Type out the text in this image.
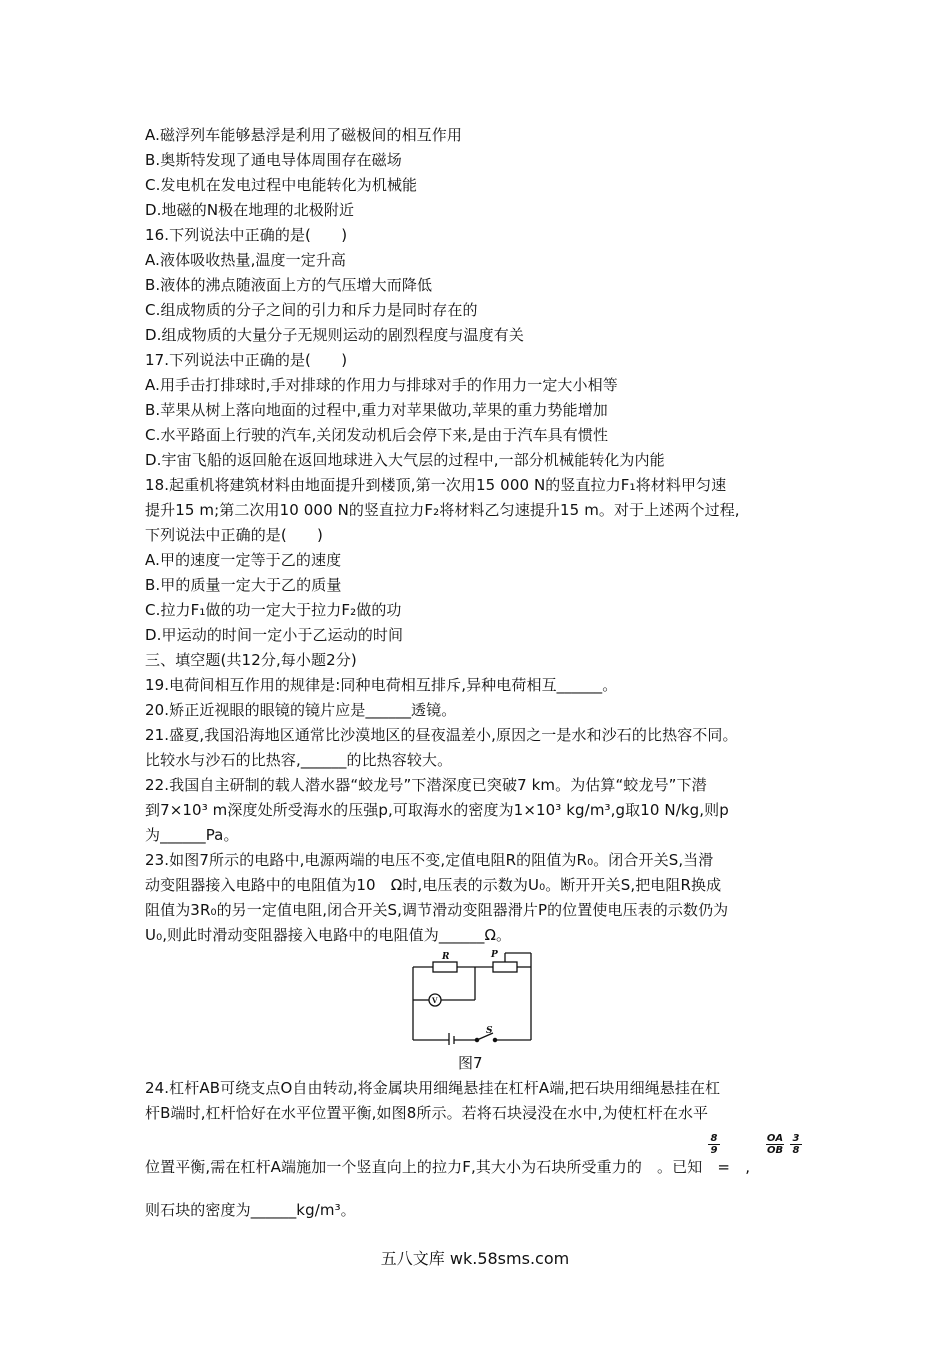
A.磁浮列车能够悬浮是利用了磁极间的相互作用
B.奥斯特发现了通电导体周围存在磁场
C.发电机在发电过程中电能转化为机械能
D.地磁的N极在地理的北极附近
16.下列说法中正确的是(　　)
A.液体吸收热量,温度一定升高
B.液体的沸点随液面上方的气压增大而降低
C.组成物质的分子之间的引力和斥力是同时存在的
D.组成物质的大量分子无规则运动的剧烈程度与温度有关
17.下列说法中正确的是(　　)
A.用手击打排球时,手对排球的作用力与排球对手的作用力一定大小相等
B.苹果从树上落向地面的过程中,重力对苹果做功,苹果的重力势能增加
C.水平路面上行驶的汽车,关闭发动机后会停下来,是由于汽车具有惯性
D.宇宙飞船的返回舱在返回地球进入大气层的过程中,一部分机械能转化为内能
18.起重机将建筑材料由地面提升到楼顶,第一次用15 000 N的竖直拉力F₁将材料甲匀速
提升15 m;第二次用10 000 N的竖直拉力F₂将材料乙匀速提升15 m。对于上述两个过程,
下列说法中正确的是(　　)
A.甲的速度一定等于乙的速度
B.甲的质量一定大于乙的质量
C.拉力F₁做的功一定大于拉力F₂做的功
D.甲运动的时间一定小于乙运动的时间
三、填空题(共12分,每小题2分)
19.电荷间相互作用的规律是:同种电荷相互排斥,异种电荷相互______。
20.矫正近视眼的眼镜的镜片应是______透镜。
21.盛夏,我国沿海地区通常比沙漠地区的昼夜温差小,原因之一是水和沙石的比热容不同。
比较水与沙石的比热容,______的比热容较大。
22.我国自主研制的载人潜水器“蛟龙号”下潜深度已突破7 km。为估算“蛟龙号”下潜
到7×10³ m深度处所受海水的压强p,可取海水的密度为1×10³ kg/m³,g取10 N/kg,则p
为______Pa。
23.如图7所示的电路中,电源两端的电压不变,定值电阻R的阻值为R₀。闭合开关S,当滑
动变阻器接入电路中的电阻值为10　Ω时,电压表的示数为U₀。断开开关S,把电阻R换成
阻值为3R₀的另一定值电阻,闭合开关S,调节滑动变阻器滑片P的位置使电压表的示数仍为
U₀,则此时滑动变阻器接入电路中的电阻值为______Ω。
R	P
V
S
图7
24.杠杆AB可绕支点O自由转动,将金属块用细绳悬挂在杠杆A端,把石块用细绳悬挂在杠
杆B端时,杠杆恰好在水平位置平衡,如图8所示。若将石块浸没在水中,为使杠杆在水平
$\frac{8}{9}$	$\frac{OA}{OB} \frac{3}{8}$
位置平衡,需在杠杆A端施加一个竖直向上的拉力F,其大小为石块所受重力的　。已知　=　,
则石块的密度为______kg/m³。
五八文库 wk.58sms.com
